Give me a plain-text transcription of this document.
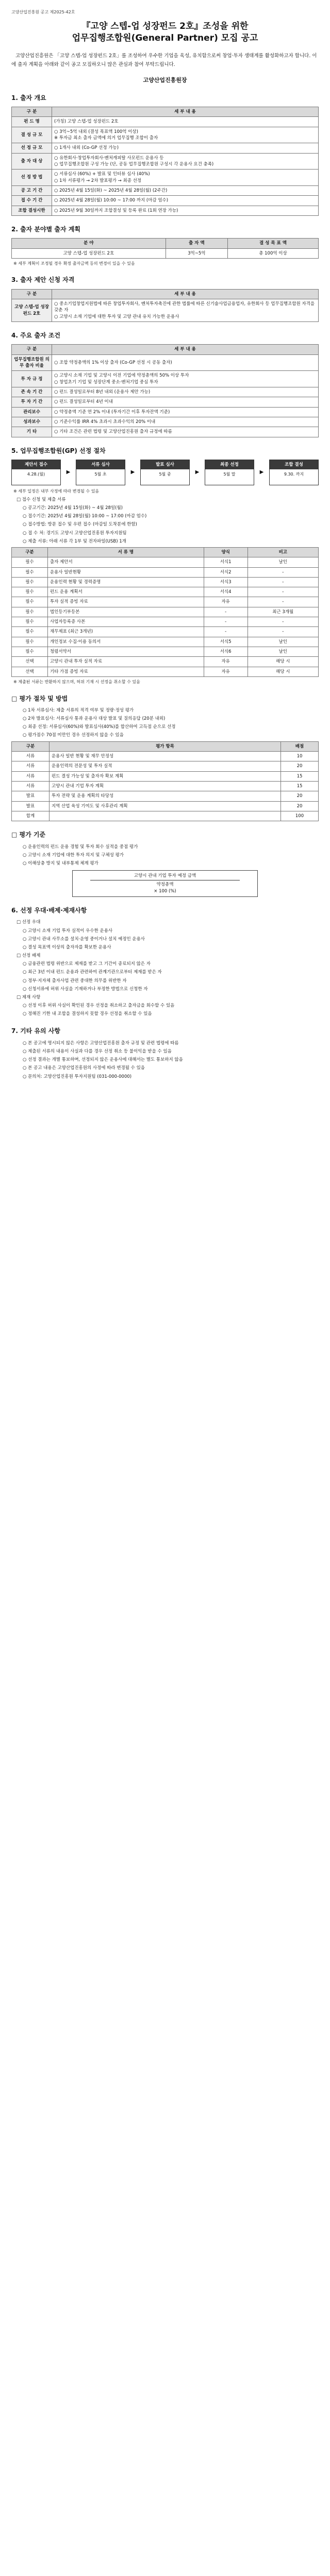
고양산업진흥원 공고 제2025-42호
『고양 스텝-업 성장펀드 2호』조성을 위한
업무집행조합원(General Partner) 모집 공고

고양산업진흥원은 「고양 스텝-업 성장펀드 2호」를 조성하여 우수한 기업을 육성, 유치함으로써 창업·투자 생태계를 활성화하고자 합니다. 이에 출자 계획을 아래와 같이 공고 모집하오니 많은 관심과 참여 부탁드립니다.

고양산업진흥원장
1. 출자 개요
구 분	세 부 내 용
펀 드 명	(가칭) 고양 스텝-업 성장펀드 2호
결 성 규 모	○ 3억~5억 내외 (결성 목표액 100억 이상)
※ 투자금 최소 출자 금액에 의거 업무집행 조합이 출자
선 정 규 모	○ 1개사 내외 (Co-GP 선정 가능)
출 자 대 상	○ 유한회사·창업투자회사·벤처캐피탈 사모펀드 운용사 등
○ 업무집행조합원 구성 가능 (단, 공동 업무집행조합원 구성시 각 운용사 요건 충족)
선 정 방 법	○ 서류심사 (60%) + 발표 및 인터뷰 심사 (40%)
○ 1차 서류평가 → 2차 발표평가 → 최종 선정
공 고 기 간	○ 2025년 4월 15일(화) ~ 2025년 4월 28일(월) (2주간)
접 수 기 간	○ 2025년 4월 28일(월) 10:00 ~ 17:00 까지 (마감 엄수)
조합 결성시한	○ 2025년 9월 30일까지 조합결성 및 등록 완료 (1회 연장 가능)
2. 출자 분야별 출자 계획
분 야	출 자 액	결 성 목 표 액
고양 스텝-업 성장펀드 2호	3억~5억	총 100억 이상
※ 세부 계획이 조정될 경우 확정 출자금액 등의 변경이 있을 수 있음
3. 출자 제안 신청 자격
구 분	세 부 내 용
고양 스텝-업 성장펀드 2호	○ 중소기업창업지원법에 따른 창업투자회사, 벤처투자촉진에 관한 법률에 따른 신기술사업금융업자, 유한회사 등 업무집행조합원 자격을 갖춘 자
○ 고양시 소재 기업에 대한 투자 및 고양 관내 유치 가능한 운용사
4. 주요 출자 조건
구 분	세 부 내 용
업무집행조합원 의무 출자 비율	○ 조합 약정총액의 1% 이상 출자 (Co-GP 선정 시 공동 출자)
투 자 규 정	○ 고양시 소재 기업 및 고양시 이전 기업에 약정총액의 50% 이상 투자
○ 창업초기 기업 및 성장단계 중소·벤처기업 중심 투자
존 속 기 간	○ 펀드 결성일로부터 8년 내외 (운용사 제안 가능)
투 자 기 간	○ 펀드 결성일로부터 4년 이내
관리보수	○ 약정총액 기준 연 2% 이내 (투자기간 이후 투자잔액 기준)
성과보수	○ 기준수익률 IRR 4% 초과시 초과수익의 20% 이내
기 타	○ 기타 조건은 관련 법령 및 고양산업진흥원 출자 규정에 따름
5. 업무집행조합원(GP) 선정 절차
제안서 접수
4.28.(월)	▶
서류 심사
5월 초	▶
발표 심사
5월 중	▶
최종 선정
5월 말	▶
조합 결성
9.30. 까지
※ 세부 일정은 내부 사정에 따라 변경될 수 있음
□ 접수 신청 및 제출 서류
○ 공고기간: 2025년 4월 15일(화) ~ 4월 28일(월)
○ 접수기간: 2025년 4월 28일(월) 10:00 ~ 17:00 (마감 엄수)
○ 접수방법: 방문 접수 및 우편 접수 (마감일 도착분에 한함)
○ 접 수 처: 경기도 고양시 고양산업진흥원 투자지원팀
○ 제출 서류: 아래 서류 각 1부 및 전자파일(USB) 1개
구분	서 류 명	양식	비고
필수	출자 제안서	서식1	날인
필수	운용사 일반현황	서식2	-
필수	운용인력 현황 및 경력증명	서식3	-
필수	펀드 운용 계획서	서식4	-
필수	투자 실적 증빙 자료	자유	-
필수	법인등기부등본	-	최근 3개월
필수	사업자등록증 사본	-	-
필수	재무제표 (최근 3개년)	-	-
필수	개인정보 수집·이용 동의서	서식5	날인
필수	청렴서약서	서식6	날인
선택	고양시 관내 투자 실적 자료	자유	해당 시
선택	기타 가점 증빙 자료	자유	해당 시
※ 제출된 서류는 반환하지 않으며, 허위 기재 시 선정을 취소할 수 있음
□ 평가 절차 및 방법
○ 1차 서류심사: 제출 서류의 적격 여부 및 정량·정성 평가
○ 2차 발표심사: 서류심사 통과 운용사 대상 발표 및 질의응답 (20분 내외)
○ 최종 선정: 서류심사(60%)와 발표심사(40%)를 합산하여 고득점 순으로 선정
○ 평가점수 70점 미만인 경우 선정하지 않을 수 있음
구분	평가 항목	배점
서류	운용사 일반 현황 및 재무 안정성	10
서류	운용인력의 전문성 및 투자 실적	20
서류	펀드 결성 가능성 및 출자자 확보 계획	15
서류	고양시 관내 기업 투자 계획	15
발표	투자 전략 및 운용 계획의 타당성	20
발표	지역 산업 육성 기여도 및 사후관리 계획	20
합계		100
□ 평가 기준
○ 운용인력의 펀드 운용 경험 및 투자 회수 실적을 중점 평가
○ 고양시 소재 기업에 대한 투자 의지 및 구체성 평가
○ 이해상충 방지 및 내부통제 체계 평가
고양시 관내 기업 투자 예정 금액
약정총액
× 100 (%)
6. 선정 우대·배제·제재사항
□ 선정 우대
○ 고양시 소재 기업 투자 실적이 우수한 운용사
○ 고양시 관내 사무소를 설치·운영 중이거나 설치 예정인 운용사
○ 결성 목표액 이상의 출자자를 확보한 운용사
□ 선정 배제
○ 금융관련 법령 위반으로 제재를 받고 그 기간이 종료되지 않은 자
○ 최근 3년 이내 펀드 운용과 관련하여 관계기관으로부터 제재를 받은 자
○ 정부·지자체 출자사업 관련 중대한 의무를 위반한 자
○ 신청서류에 허위 사실을 기재하거나 부정한 방법으로 신청한 자
□ 제재 사항
○ 선정 이후 허위 사실이 확인된 경우 선정을 취소하고 출자금을 회수할 수 있음
○ 정해진 기한 내 조합을 결성하지 못할 경우 선정을 취소할 수 있음
7. 기타 유의 사항
○ 본 공고에 명시되지 않은 사항은 고양산업진흥원 출자 규정 및 관련 법령에 따름
○ 제출된 서류의 내용이 사실과 다를 경우 선정 취소 등 불이익을 받을 수 있음
○ 선정 결과는 개별 통보하며, 선정되지 않은 운용사에 대해서는 별도 통보하지 않음
○ 본 공고 내용은 고양산업진흥원의 사정에 따라 변경될 수 있음
○ 문의처: 고양산업진흥원 투자지원팀 (031-000-0000)
